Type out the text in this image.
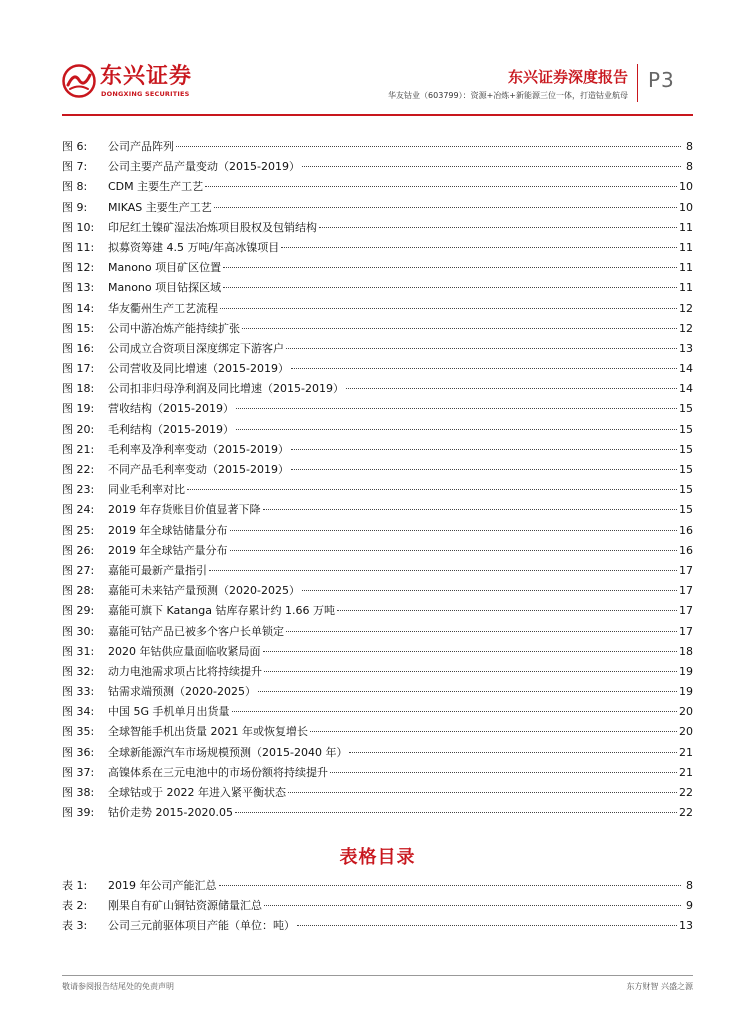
东兴证券
DONGXING SECURITIES
东兴证券深度报告
华友钴业（603799）：资源+冶炼+新能源三位一体，打造钴业航母
P3
图 6:	公司产品阵列	8
图 7:	公司主要产品产量变动（2015-2019）	8
图 8:	CDM 主要生产工艺	10
图 9:	MIKAS 主要生产工艺	10
图 10:	印尼红土镍矿湿法冶炼项目股权及包销结构	11
图 11:	拟募资筹建 4.5 万吨/年高冰镍项目	11
图 12:	Manono 项目矿区位置	11
图 13:	Manono 项目钻探区域	11
图 14:	华友衢州生产工艺流程	12
图 15:	公司中游冶炼产能持续扩张	12
图 16:	公司成立合资项目深度绑定下游客户	13
图 17:	公司营收及同比增速（2015-2019）	14
图 18:	公司扣非归母净利润及同比增速（2015-2019）	14
图 19:	营收结构（2015-2019）	15
图 20:	毛利结构（2015-2019）	15
图 21:	毛利率及净利率变动（2015-2019）	15
图 22:	不同产品毛利率变动（2015-2019）	15
图 23:	同业毛利率对比	15
图 24:	2019 年存货账目价值显著下降	15
图 25:	2019 年全球钴储量分布	16
图 26:	2019 年全球钴产量分布	16
图 27:	嘉能可最新产量指引	17
图 28:	嘉能可未来钴产量预测（2020-2025）	17
图 29:	嘉能可旗下 Katanga 钴库存累计约 1.66 万吨	17
图 30:	嘉能可钴产品已被多个客户长单锁定	17
图 31:	2020 年钴供应量面临收紧局面	18
图 32:	动力电池需求项占比将持续提升	19
图 33:	钴需求端预测（2020-2025）	19
图 34:	中国 5G 手机单月出货量	20
图 35:	全球智能手机出货量 2021 年或恢复增长	20
图 36:	全球新能源汽车市场规模预测（2015-2040 年）	21
图 37:	高镍体系在三元电池中的市场份额将持续提升	21
图 38:	全球钴或于 2022 年进入紧平衡状态	22
图 39:	钴价走势 2015-2020.05	22
表格目录
表 1:	2019 年公司产能汇总	8
表 2:	刚果自有矿山铜钴资源储量汇总	9
表 3:	公司三元前驱体项目产能（单位：吨）	13
敬请参阅报告结尾处的免责声明	东方财智 兴盛之源
